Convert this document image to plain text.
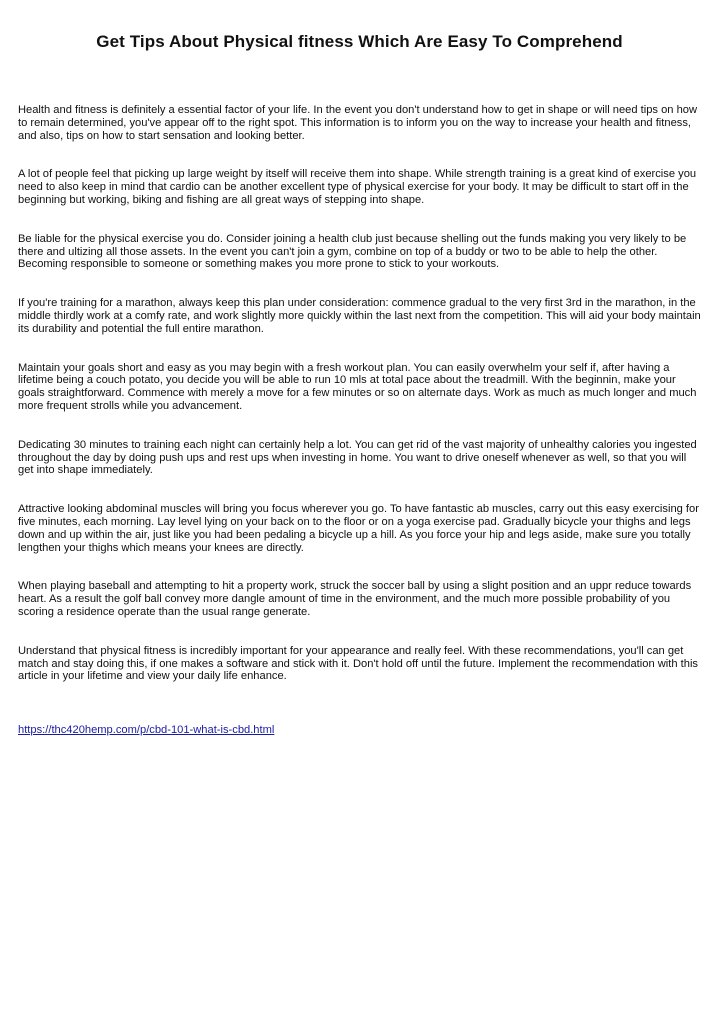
Get Tips About Physical fitness Which Are Easy To Comprehend

Health and fitness is definitely a essential factor of your life. In the event you don't understand how to get in shape or will need tips on how to remain determined, you've appear off to the right spot. This information is to inform you on the way to increase your health and fitness, and also, tips on how to start sensation and looking better.

A lot of people feel that picking up large weight by itself will receive them into shape. While strength training is a great kind of exercise you need to also keep in mind that cardio can be another excellent type of physical exercise for your body. It may be difficult to start off in the beginning but working, biking and fishing are all great ways of stepping into shape.

Be liable for the physical exercise you do. Consider joining a health club just because shelling out the funds making you very likely to be there and ultizing all those assets. In the event you can't join a gym, combine on top of a buddy or two to be able to help the other. Becoming responsible to someone or something makes you more prone to stick to your workouts.

If you're training for a marathon, always keep this plan under consideration: commence gradual to the very first 3rd in the marathon, in the middle thirdly work at a comfy rate, and work slightly more quickly within the last next from the competition. This will aid your body maintain its durability and potential the full entire marathon.

Maintain your goals short and easy as you may begin with a fresh workout plan. You can easily overwhelm your self if, after having a lifetime being a couch potato, you decide you will be able to run 10 mls at total pace about the treadmill. With the beginnin, make your goals straightforward. Commence with merely a move for a few minutes or so on alternate days. Work as much as much longer and much more frequent strolls while you advancement.

Dedicating 30 minutes to training each night can certainly help a lot. You can get rid of the vast majority of unhealthy calories you ingested throughout the day by doing push ups and rest ups when investing in home. You want to drive oneself whenever as well, so that you will get into shape immediately.

Attractive looking abdominal muscles will bring you focus wherever you go. To have fantastic ab muscles, carry out this easy exercising for five minutes, each morning. Lay level lying on your back on to the floor or on a yoga exercise pad. Gradually bicycle your thighs and legs down and up within the air, just like you had been pedaling a bicycle up a hill. As you force your hip and legs aside, make sure you totally lengthen your thighs which means your knees are directly.

When playing baseball and attempting to hit a property work, struck the soccer ball by using a slight position and an uppr reduce towards heart. As a result the golf ball convey more dangle amount of time in the environment, and the much more possible probability of you scoring a residence operate than the usual range generate.

Understand that physical fitness is incredibly important for your appearance and really feel. With these recommendations, you'll can get match and stay doing this, if one makes a software and stick with it. Don't hold off until the future. Implement the recommendation with this article in your lifetime and view your daily life enhance.

https://thc420hemp.com/p/cbd-101-what-is-cbd.html
